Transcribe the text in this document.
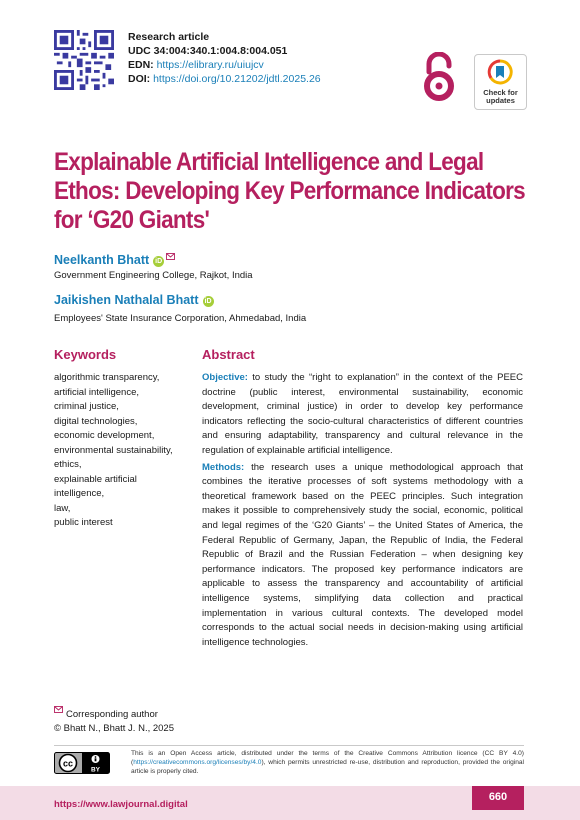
Research article
UDC 34:004:340.1:004.8:004.051
EDN: https://elibrary.ru/uiujcv
DOI: https://doi.org/10.21202/jdtl.2025.26
Check for updates
Explainable Artificial Intelligence and Legal Ethos: Developing Key Performance Indicators for ‘G20 Giants'
Neelkanth Bhatt iD
Government Engineering College, Rajkot, India
Jaikishen Nathalal Bhatt iD
Employees' State Insurance Corporation, Ahmedabad, India
Keywords
algorithmic transparency,
artificial intelligence,
criminal justice,
digital technologies,
economic development,
environmental sustainability,
ethics,
explainable artificial
intelligence,
law,
public interest
Abstract

Objective: to study the “right to explanation” in the context of the PEEC doctrine (public interest, environmental sustainability, economic development, criminal justice) in order to develop key performance indicators reflecting the socio-cultural characteristics of different countries and ensuring adaptability, transparency and cultural relevance in the regulation of explainable artificial intelligence.

Methods: the research uses a unique methodological approach that combines the iterative processes of soft systems methodology with a theoretical framework based on the PEEC principles. Such integration makes it possible to comprehensively study the social, economic, political and legal regimes of the ‘G20 Giants’ – the United States of America, the Federal Republic of Germany, Japan, the Republic of India, the Federal Republic of Brazil and the Russian Federation – when designing key performance indicators. The proposed key performance indicators are applicable to assess the transparency and accountability of artificial intelligence systems, simplifying data collection and practical implementation in various cultural contexts. The developed model corresponds to the actual social needs in decision-making using artificial intelligence technologies.

Corresponding author
© Bhatt N., Bhatt J. N., 2025
cc
BY
This is an Open Access article, distributed under the terms of the Creative Commons Attribution licence (CC BY 4.0) (https://creativecommons.org/licenses/by/4.0), which permits unrestricted re-use, distribution and reproduction, provided the original article is properly cited.
https://www.lawjournal.digital
660
